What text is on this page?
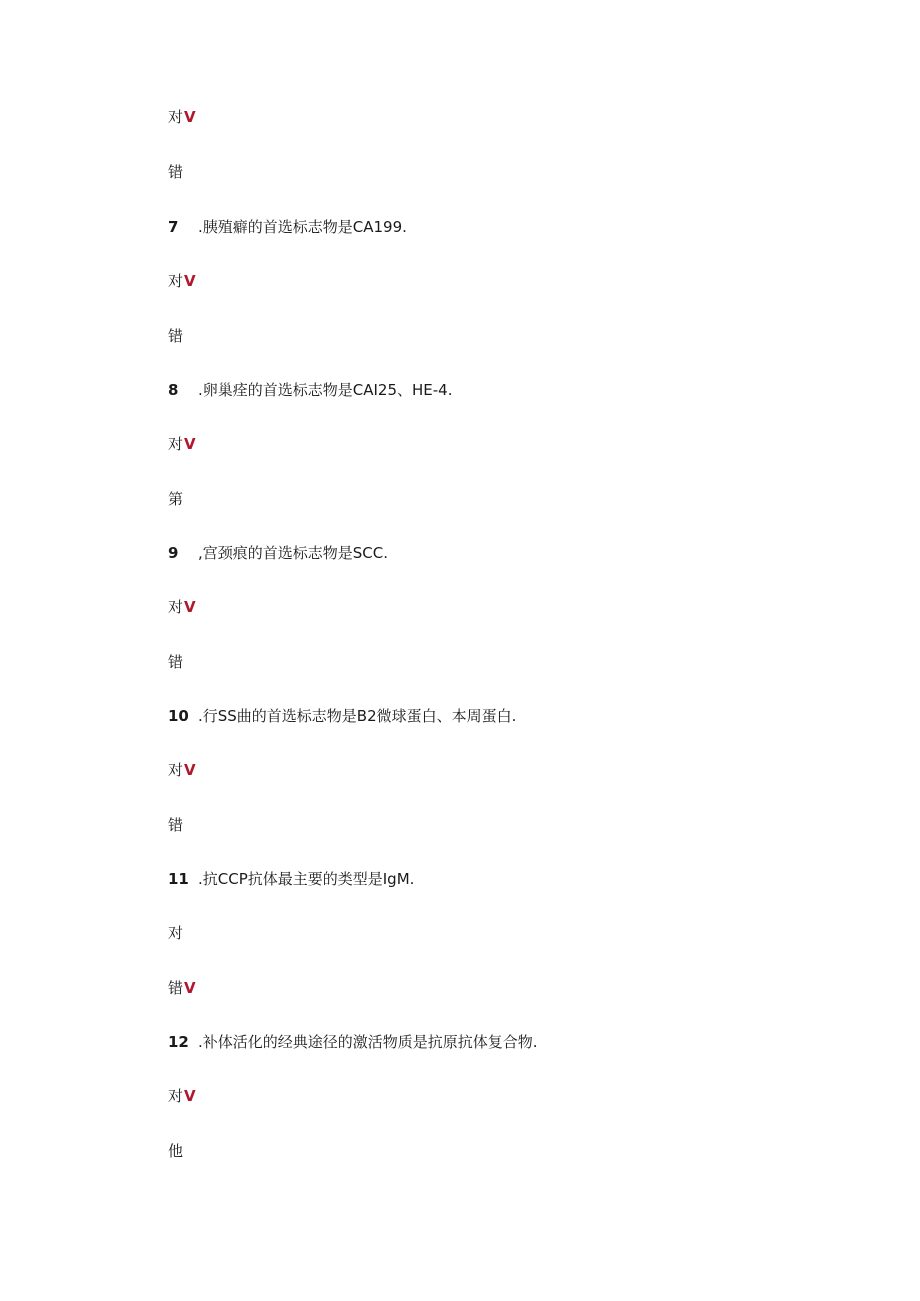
对V
错
7 .胰殖癖的首选标志物是CA199.
对V
错
8 .卵巢痊的首选标志物是CAI25、HE-4.
对V
第
9 ,宫颈痕的首选标志物是SCC.
对V
错
10 .行SS曲的首选标志物是B2微球蛋白、本周蛋白.
对V
错
11 .抗CCP抗体最主要的类型是IgM.
对
错V
12 .补体活化的经典途径的激活物质是抗原抗体复合物.
对V
他
